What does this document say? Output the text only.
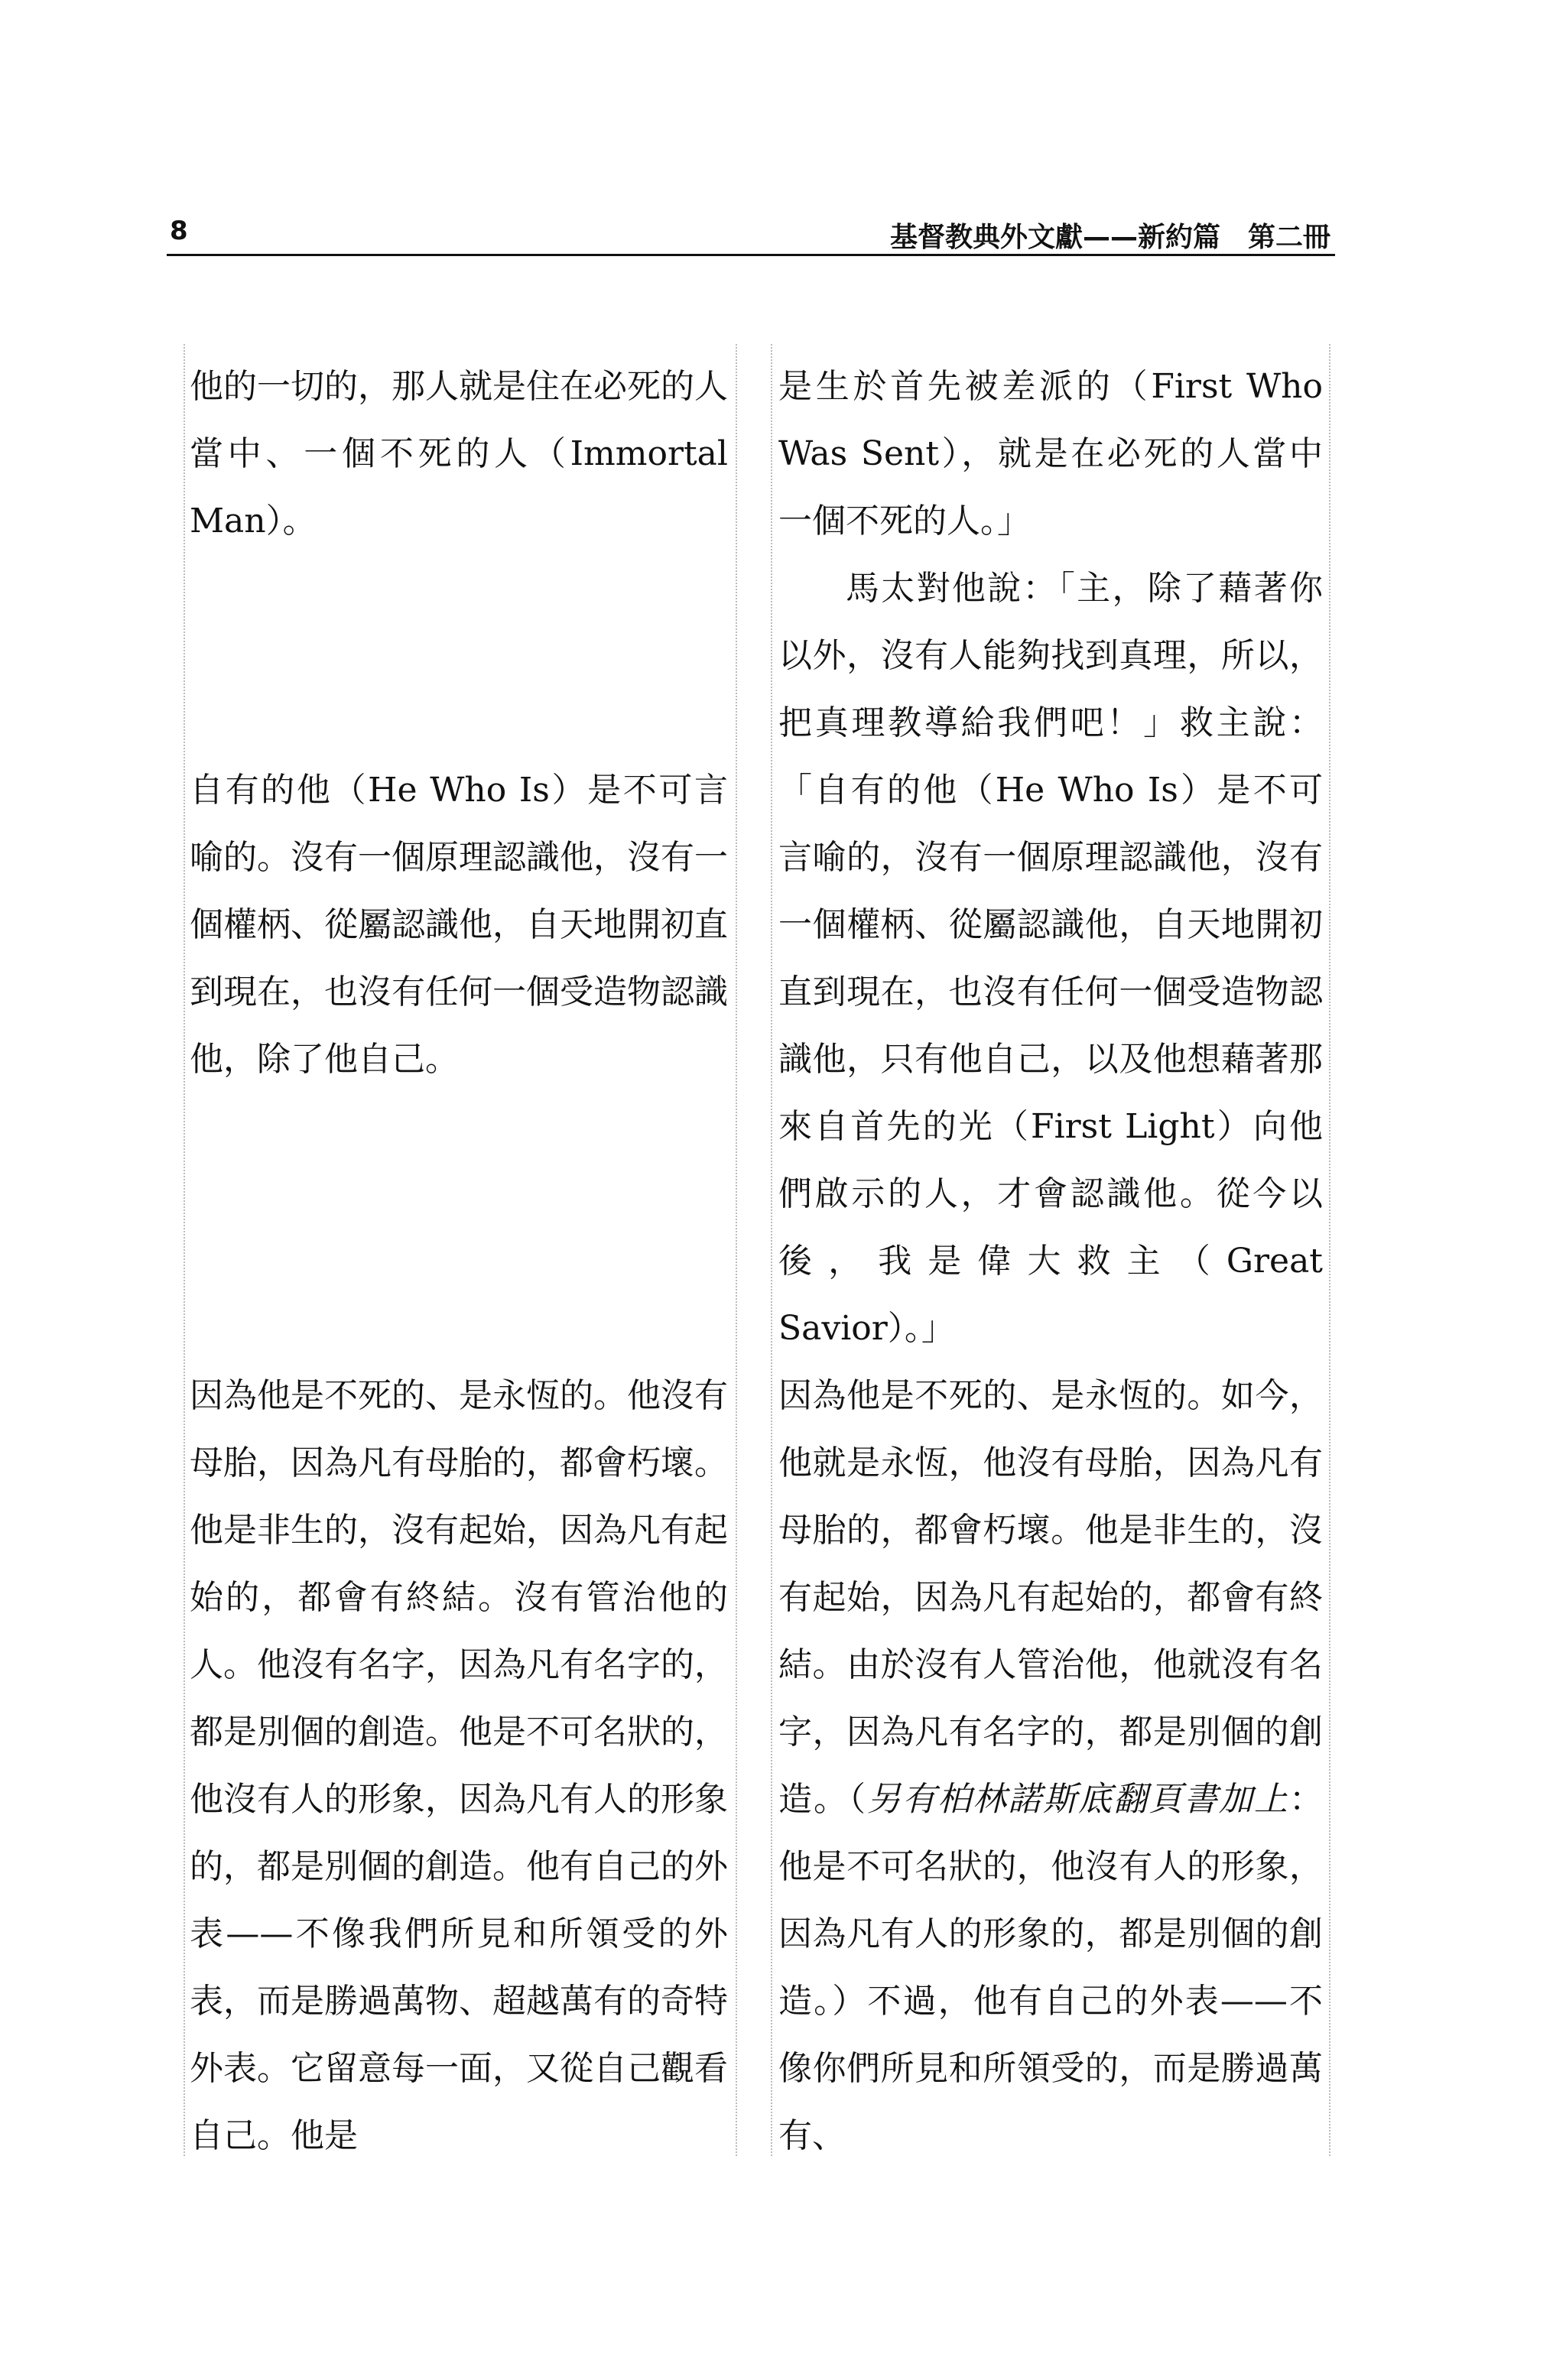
8	基督教典外文獻——新約篇　第二冊

他的一切的，那人就是住在必死的人當中、一個不死的人（Immortal Man）。

自有的他（He Who Is）是不可言喻的。沒有一個原理認識他，沒有一個權柄、從屬認識他，自天地開初直到現在，也沒有任何一個受造物認識他，除了他自己。

因為他是不死的、是永恆的。他沒有母胎，因為凡有母胎的，都會朽壞。他是非生的，沒有起始，因為凡有起始的，都會有終結。沒有管治他的人。他沒有名字，因為凡有名字的，都是別個的創造。他是不可名狀的，他沒有人的形象，因為凡有人的形象的，都是別個的創造。他有自己的外表——不像我們所見和所領受的外表，而是勝過萬物、超越萬有的奇特外表。它留意每一面，又從自己觀看自己。他是

是生於首先被差派的（First Who Was Sent），就是在必死的人當中一個不死的人。」

馬太對他說：「主，除了藉著你以外，沒有人能夠找到真理，所以，把真理教導給我們吧！」救主說：「自有的他（He Who Is）是不可言喻的，沒有一個原理認識他，沒有一個權柄、從屬認識他，自天地開初直到現在，也沒有任何一個受造物認識他，只有他自己，以及他想藉著那來自首先的光（First Light）向他們啟示的人，才會認識他。從今以後，我是偉大救主（Great Savior）。」

因為他是不死的、是永恆的。如今，他就是永恆，他沒有母胎，因為凡有母胎的，都會朽壞。他是非生的，沒有起始，因為凡有起始的，都會有終結。由於沒有人管治他，他就沒有名字，因為凡有名字的，都是別個的創造。（另有柏林諾斯底翻頁書加上：他是不可名狀的，他沒有人的形象，因為凡有人的形象的，都是別個的創造。）不過，他有自己的外表——不像你們所見和所領受的，而是勝過萬有、
